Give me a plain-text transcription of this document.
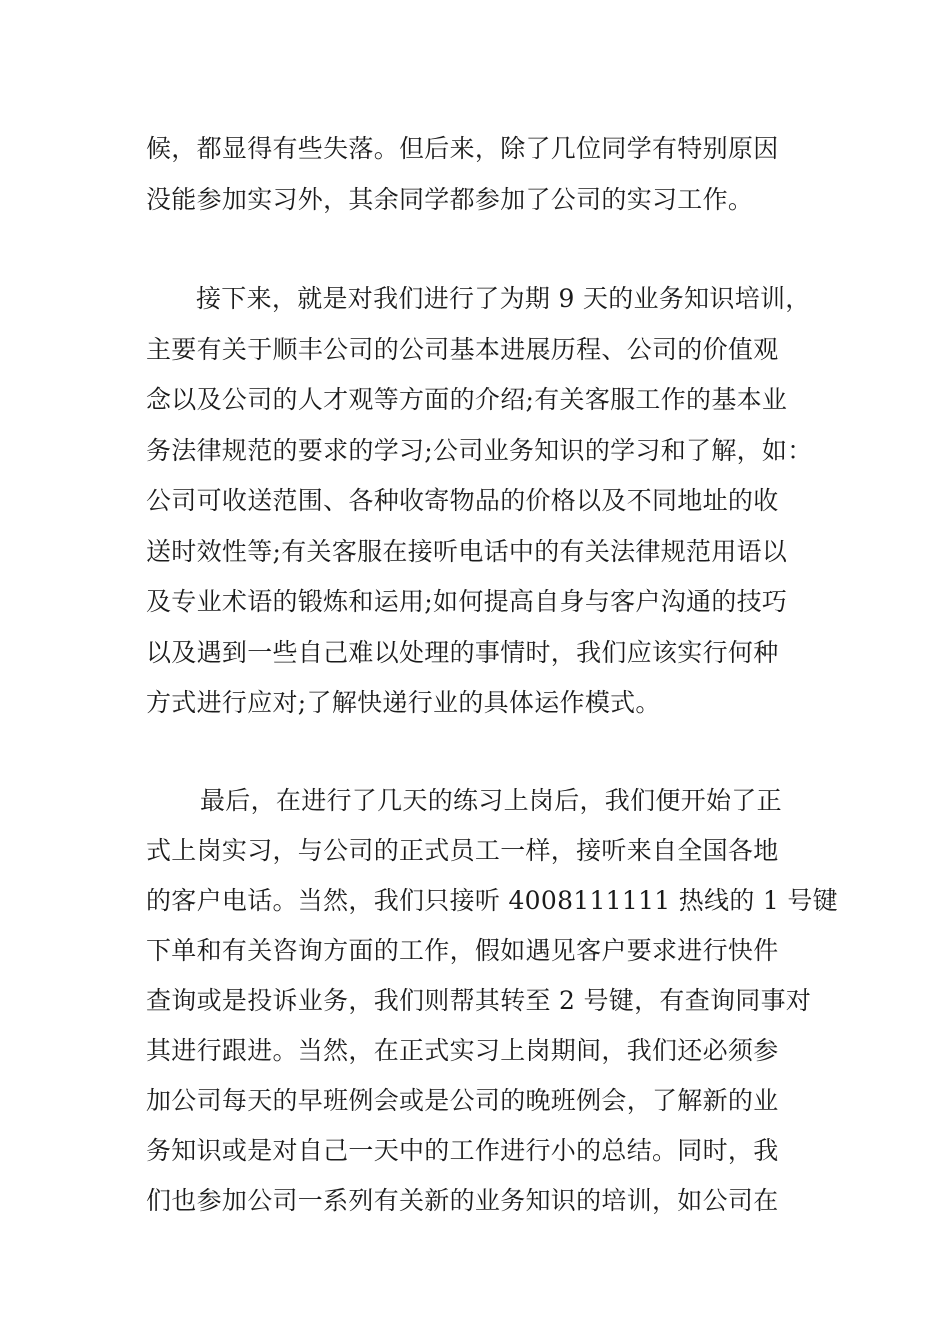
候，都显得有些失落。但后来，除了几位同学有特别原因
没能参加实习外，其余同学都参加了公司的实习工作。
接下来，就是对我们进行了为期 9 天的业务知识培训，
主要有关于顺丰公司的公司基本进展历程、公司的价值观
念以及公司的人才观等方面的介绍;有关客服工作的基本业
务法律规范的要求的学习;公司业务知识的学习和了解，如：
公司可收送范围、各种收寄物品的价格以及不同地址的收
送时效性等;有关客服在接听电话中的有关法律规范用语以
及专业术语的锻炼和运用;如何提高自身与客户沟通的技巧
以及遇到一些自己难以处理的事情时，我们应该实行何种
方式进行应对;了解快递行业的具体运作模式。
最后，在进行了几天的练习上岗后，我们便开始了正
式上岗实习，与公司的正式员工一样，接听来自全国各地
的客户电话。当然，我们只接听 4008111111 热线的 1 号键
下单和有关咨询方面的工作，假如遇见客户要求进行快件
查询或是投诉业务，我们则帮其转至 2 号键，有查询同事对
其进行跟进。当然，在正式实习上岗期间，我们还必须参
加公司每天的早班例会或是公司的晚班例会，了解新的业
务知识或是对自己一天中的工作进行小的总结。同时，我
们也参加公司一系列有关新的业务知识的培训，如公司在
